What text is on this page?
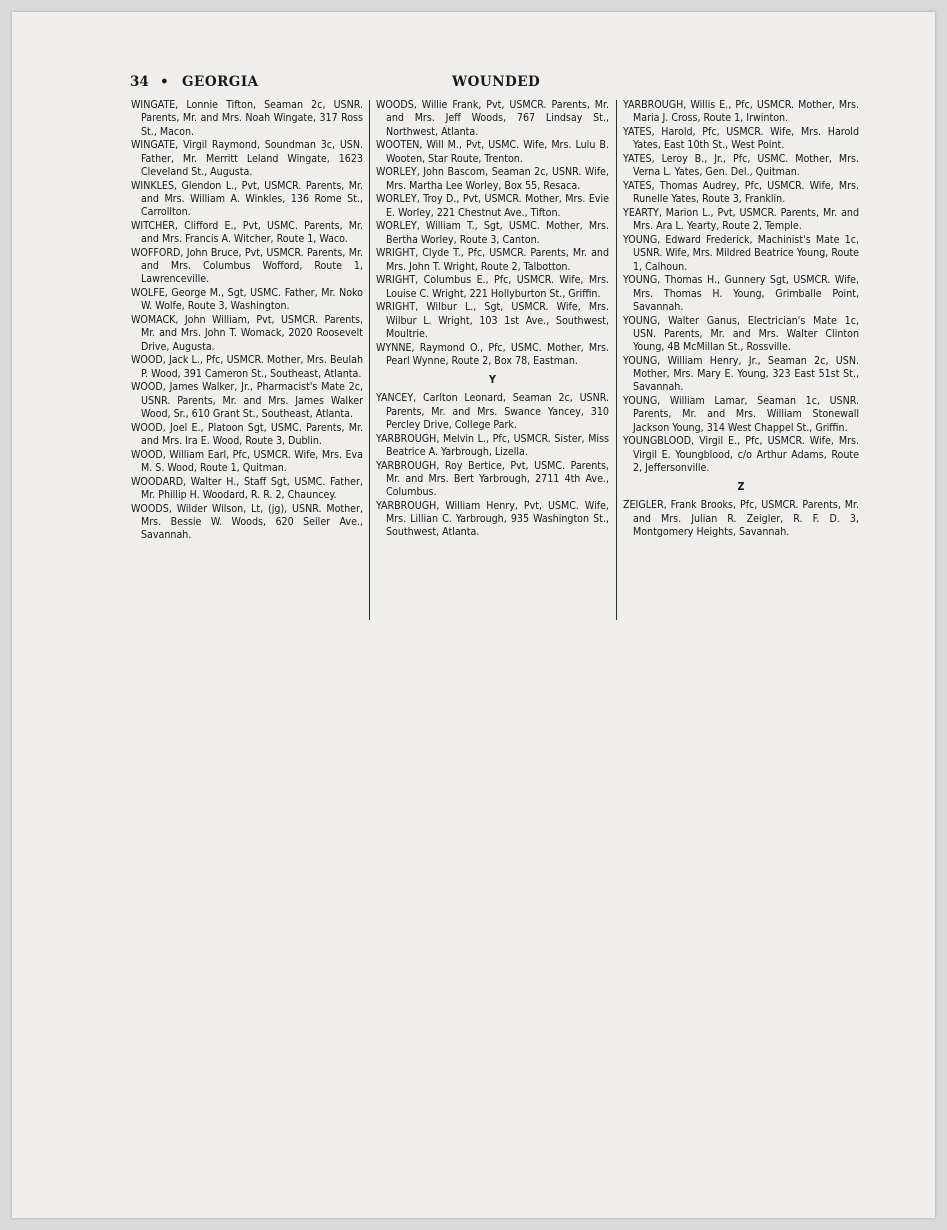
34 • GEORGIA	WOUNDED
WINGATE, Lonnie Tifton, Seaman 2c, USNR. Parents, Mr. and Mrs. Noah Wingate, 317 Ross St., Macon.
WINGATE, Virgil Raymond, Soundman 3c, USN. Father, Mr. Merritt Leland Wingate, 1623 Cleveland St., Augusta.
WINKLES, Glendon L., Pvt, USMCR. Parents, Mr. and Mrs. William A. Winkles, 136 Rome St., Carrollton.
WITCHER, Clifford E., Pvt, USMC. Parents, Mr. and Mrs. Francis A. Witcher, Route 1, Waco.
WOFFORD, John Bruce, Pvt, USMCR. Parents, Mr. and Mrs. Columbus Wofford, Route 1, Lawrenceville.
WOLFE, George M., Sgt, USMC. Father, Mr. Noko W. Wolfe, Route 3, Washington.
WOMACK, John William, Pvt, USMCR. Parents, Mr. and Mrs. John T. Womack, 2020 Roosevelt Drive, Augusta.
WOOD, Jack L., Pfc, USMCR. Mother, Mrs. Beulah P. Wood, 391 Cameron St., Southeast, Atlanta.
WOOD, James Walker, Jr., Pharmacist's Mate 2c, USNR. Parents, Mr. and Mrs. James Walker Wood, Sr., 610 Grant St., Southeast, Atlanta.
WOOD, Joel E., Platoon Sgt, USMC. Parents, Mr. and Mrs. Ira E. Wood, Route 3, Dublin.
WOOD, William Earl, Pfc, USMCR. Wife, Mrs. Eva M. S. Wood, Route 1, Quitman.
WOODARD, Walter H., Staff Sgt, USMC. Father, Mr. Phillip H. Woodard, R. R. 2, Chauncey.
WOODS, Wilder Wilson, Lt, (jg), USNR. Mother, Mrs. Bessie W. Woods, 620 Seiler Ave., Savannah.
WOODS, Willie Frank, Pvt, USMCR. Parents, Mr. and Mrs. Jeff Woods, 767 Lindsay St., Northwest, Atlanta.
WOOTEN, Will M., Pvt, USMC. Wife, Mrs. Lulu B. Wooten, Star Route, Trenton.
WORLEY, John Bascom, Seaman 2c, USNR. Wife, Mrs. Martha Lee Worley, Box 55, Resaca.
WORLEY, Troy D., Pvt, USMCR. Mother, Mrs. Evie E. Worley, 221 Chestnut Ave., Tifton.
WORLEY, William T., Sgt, USMC. Mother, Mrs. Bertha Worley, Route 3, Canton.
WRIGHT, Clyde T., Pfc, USMCR. Parents, Mr. and Mrs. John T. Wright, Route 2, Talbotton.
WRIGHT, Columbus E., Pfc, USMCR. Wife, Mrs. Louise C. Wright, 221 Hollyburton St., Griffin.
WRIGHT, Wilbur L., Sgt, USMCR. Wife, Mrs. Wilbur L. Wright, 103 1st Ave., Southwest, Moultrie.
WYNNE, Raymond O., Pfc, USMC. Mother, Mrs. Pearl Wynne, Route 2, Box 78, Eastman.
Y
YANCEY, Carlton Leonard, Seaman 2c, USNR. Parents, Mr. and Mrs. Swance Yancey, 310 Percley Drive, College Park.
YARBROUGH, Melvin L., Pfc, USMCR. Sister, Miss Beatrice A. Yarbrough, Lizella.
YARBROUGH, Roy Bertice, Pvt, USMC. Parents, Mr. and Mrs. Bert Yarbrough, 2711 4th Ave., Columbus.
YARBROUGH, William Henry, Pvt, USMC. Wife, Mrs. Lillian C. Yarbrough, 935 Washington St., Southwest, Atlanta.
YARBROUGH, Willis E., Pfc, USMCR. Mother, Mrs. Maria J. Cross, Route 1, Irwinton.
YATES, Harold, Pfc, USMCR. Wife, Mrs. Harold Yates, East 10th St., West Point.
YATES, Leroy B., Jr., Pfc, USMC. Mother, Mrs. Verna L. Yates, Gen. Del., Quitman.
YATES, Thomas Audrey, Pfc, USMCR. Wife, Mrs. Runelle Yates, Route 3, Franklin.
YEARTY, Marion L., Pvt, USMCR. Parents, Mr. and Mrs. Ara L. Yearty, Route 2, Temple.
YOUNG, Edward Frederick, Machinist's Mate 1c, USNR. Wife, Mrs. Mildred Beatrice Young, Route 1, Calhoun.
YOUNG, Thomas H., Gunnery Sgt, USMCR. Wife, Mrs. Thomas H. Young, Grimballe Point, Savannah.
YOUNG, Walter Ganus, Electrician's Mate 1c, USN. Parents, Mr. and Mrs. Walter Clinton Young, 4B McMillan St., Rossville.
YOUNG, William Henry, Jr., Seaman 2c, USN. Mother, Mrs. Mary E. Young, 323 East 51st St., Savannah.
YOUNG, William Lamar, Seaman 1c, USNR. Parents, Mr. and Mrs. William Stonewall Jackson Young, 314 West Chappel St., Griffin.
YOUNGBLOOD, Virgil E., Pfc, USMCR. Wife, Mrs. Virgil E. Youngblood, c/o Arthur Adams, Route 2, Jeffersonville.
Z
ZEIGLER, Frank Brooks, Pfc, USMCR. Parents, Mr. and Mrs. Julian R. Zeigler, R. F. D. 3, Montgomery Heights, Savannah.
